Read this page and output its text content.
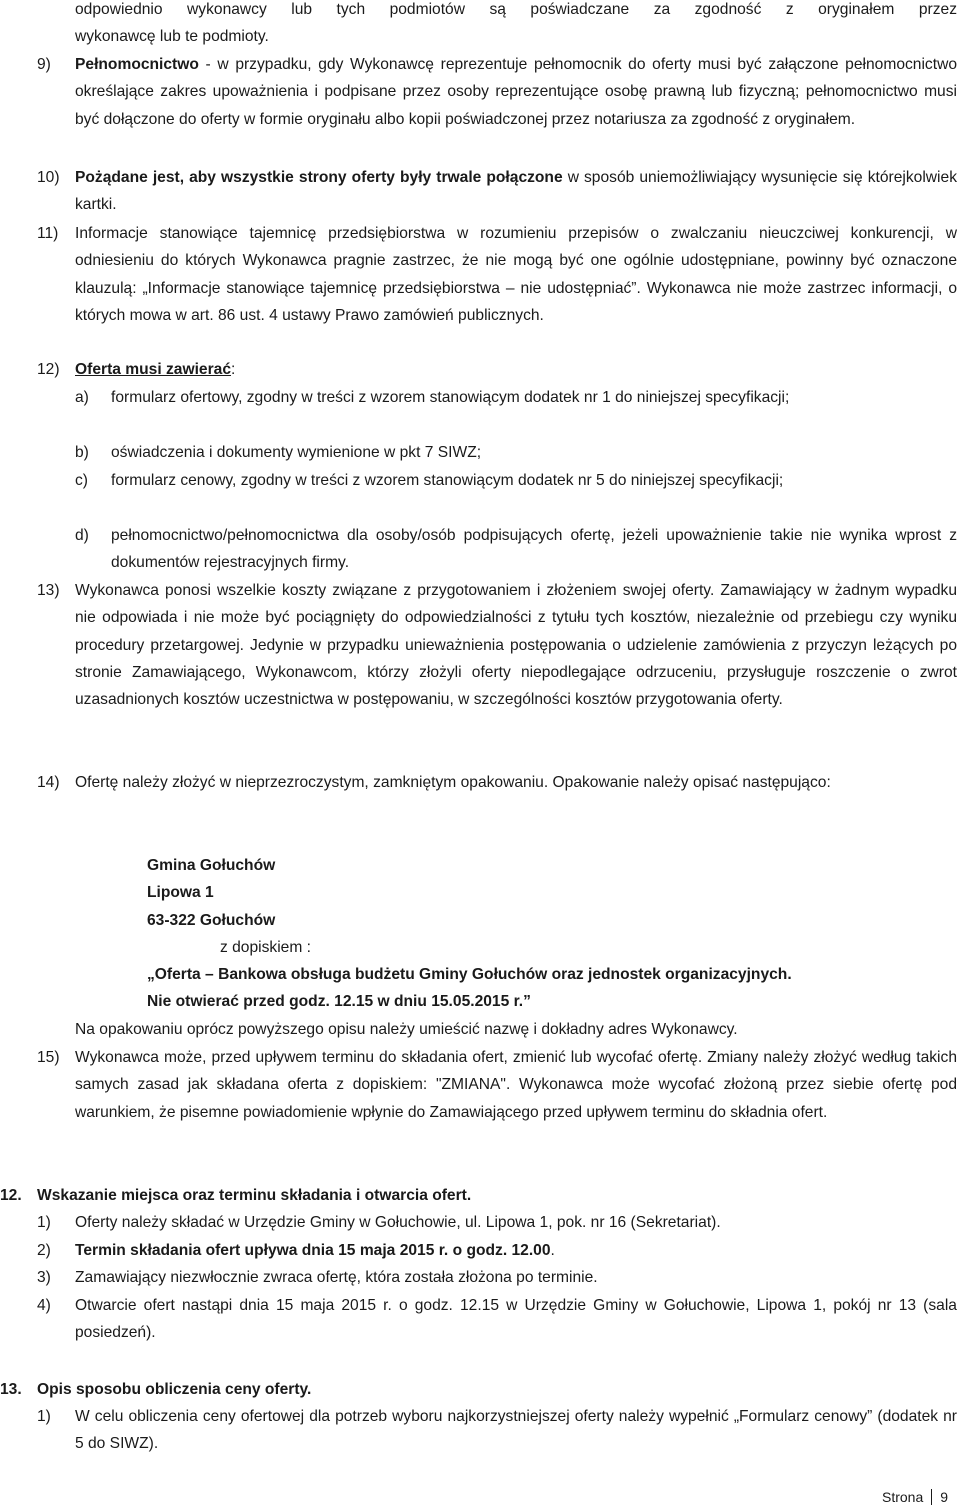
odpowiednio wykonawcy lub tych podmiotów są poświadczane za zgodność z oryginałem przez
wykonawcę lub te podmioty.
9) Pełnomocnictwo - w przypadku, gdy Wykonawcę reprezentuje pełnomocnik do oferty musi być załączone pełnomocnictwo określające zakres upoważnienia i podpisane przez osoby reprezentujące osobę prawną lub fizyczną; pełnomocnictwo musi być dołączone do oferty w formie oryginału albo kopii poświadczonej przez notariusza za zgodność z oryginałem.
10) Pożądane jest, aby wszystkie strony oferty były trwale połączone w sposób uniemożliwiający wysunięcie się którejkolwiek kartki.
11) Informacje stanowiące tajemnicę przedsiębiorstwa w rozumieniu przepisów o zwalczaniu nieuczciwej konkurencji, w odniesieniu do których Wykonawca pragnie zastrzec, że nie mogą być one ogólnie udostępniane, powinny być oznaczone klauzulą: „Informacje stanowiące tajemnicę przedsiębiorstwa – nie udostępniać”. Wykonawca nie może zastrzec informacji, o których mowa w art. 86 ust. 4 ustawy Prawo zamówień publicznych.
12) Oferta musi zawierać:
a) formularz ofertowy, zgodny w treści z wzorem stanowiącym dodatek nr 1 do niniejszej specyfikacji;
b) oświadczenia i dokumenty wymienione w pkt 7 SIWZ;
c) formularz cenowy, zgodny w treści z wzorem stanowiącym dodatek nr 5 do niniejszej specyfikacji;
d) pełnomocnictwo/pełnomocnictwa dla osoby/osób podpisujących ofertę, jeżeli upoważnienie takie nie wynika wprost z dokumentów rejestracyjnych firmy.
13) Wykonawca ponosi wszelkie koszty związane z przygotowaniem i złożeniem swojej oferty. Zamawiający w żadnym wypadku nie odpowiada i nie może być pociągnięty do odpowiedzialności z tytułu tych kosztów, niezależnie od przebiegu czy wyniku procedury przetargowej. Jedynie w przypadku unieważnienia postępowania o udzielenie zamówienia z przyczyn leżących po stronie Zamawiającego, Wykonawcom, którzy złożyli oferty niepodlegające odrzuceniu, przysługuje roszczenie o zwrot uzasadnionych kosztów uczestnictwa w postępowaniu, w szczególności kosztów przygotowania oferty.
14) Ofertę należy złożyć w nieprzezroczystym, zamkniętym opakowaniu. Opakowanie należy opisać następująco:
Gmina Gołuchów
Lipowa 1
63-322 Gołuchów
z dopiskiem :
„Oferta – Bankowa obsługa budżetu Gminy Gołuchów oraz jednostek organizacyjnych.
Nie otwierać przed godz. 12.15 w dniu 15.05.2015 r.”
Na opakowaniu oprócz powyższego opisu należy umieścić nazwę i dokładny adres Wykonawcy.
15) Wykonawca może, przed upływem terminu do składania ofert, zmienić lub wycofać ofertę. Zmiany należy złożyć według takich samych zasad jak składana oferta z dopiskiem: "ZMIANA". Wykonawca może wycofać złożoną przez siebie ofertę pod warunkiem, że pisemne powiadomienie wpłynie do Zamawiającego przed upływem terminu do składnia ofert.
12. Wskazanie miejsca oraz terminu składania i otwarcia ofert.
1) Oferty należy składać w Urzędzie Gminy w Gołuchowie, ul. Lipowa 1, pok. nr 16 (Sekretariat).
2) Termin składania ofert upływa dnia 15 maja 2015 r. o godz. 12.00.
3) Zamawiający niezwłocznie zwraca ofertę, która została złożona po terminie.
4) Otwarcie ofert nastąpi dnia 15 maja 2015 r. o godz. 12.15 w Urzędzie Gminy w Gołuchowie, Lipowa 1, pokój nr 13 (sala posiedzeń).
13. Opis sposobu obliczenia ceny oferty.
1) W celu obliczenia ceny ofertowej dla potrzeb wyboru najkorzystniejszej oferty należy wypełnić „Formularz cenowy” (dodatek nr 5 do SIWZ).
Strona 9
